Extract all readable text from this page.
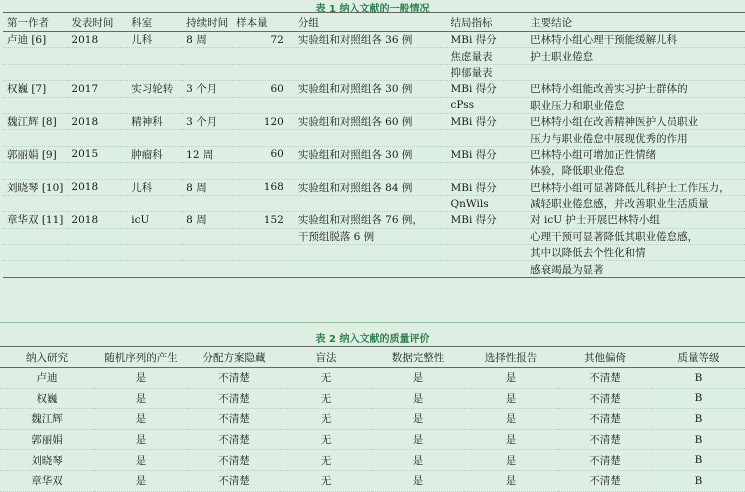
表 1 纳入文献的一般情况
第一作者	发表时间	科室	持续时间	样本量	分组	结局指标	主要结论
卢迪 [6]	2018	儿科	8 周	72	实验组和对照组各 36 例	MBi 得分	巴林特小组心理干预能缓解儿科
						焦虑量表	护士职业倦怠
						抑郁量表	
权巍 [7]	2017	实习轮转	3 个月	60	实验组和对照组各 30 例	MBi 得分	巴林特小组能改善实习护士群体的
						cPss	职业压力和职业倦怠
魏江辉 [8]	2018	精神科	3 个月	120	实验组和对照组各 60 例	MBi 得分	巴林特小组在改善精神医护人员职业
							压力与职业倦怠中展现优秀的作用
郭丽娟 [9]	2015	肿瘤科	12 周	60	实验组和对照组各 30 例	MBi 得分	巴林特小组可增加正性情绪
							体验，降低职业倦怠
刘晓琴 [10]	2018	儿科	8 周	168	实验组和对照组各 84 例	MBi 得分	巴林特小组可显著降低儿科护士工作压力，
						QnWils	减轻职业倦怠感，并改善职业生活质量
章华双 [11]	2018	icU	8 周	152	实验组和对照组各 76 例，	MBi 得分	对 icU 护士开展巴林特小组
					干预组脱落 6 例		心理干预可显著降低其职业倦怠感，
							其中以降低去个性化和情
							感衰竭最为显著
表 2 纳入文献的质量评价
纳入研究	随机序列的产生	分配方案隐藏	盲法	数据完整性	选择性报告	其他偏倚	质量等级
卢迪	是	不清楚	无	是	是	不清楚	B
权巍	是	不清楚	无	是	是	不清楚	B
魏江辉	是	不清楚	无	是	是	不清楚	B
郭丽娟	是	不清楚	无	是	是	不清楚	B
刘晓琴	是	不清楚	无	是	是	不清楚	B
章华双	是	不清楚	无	是	是	不清楚	B
